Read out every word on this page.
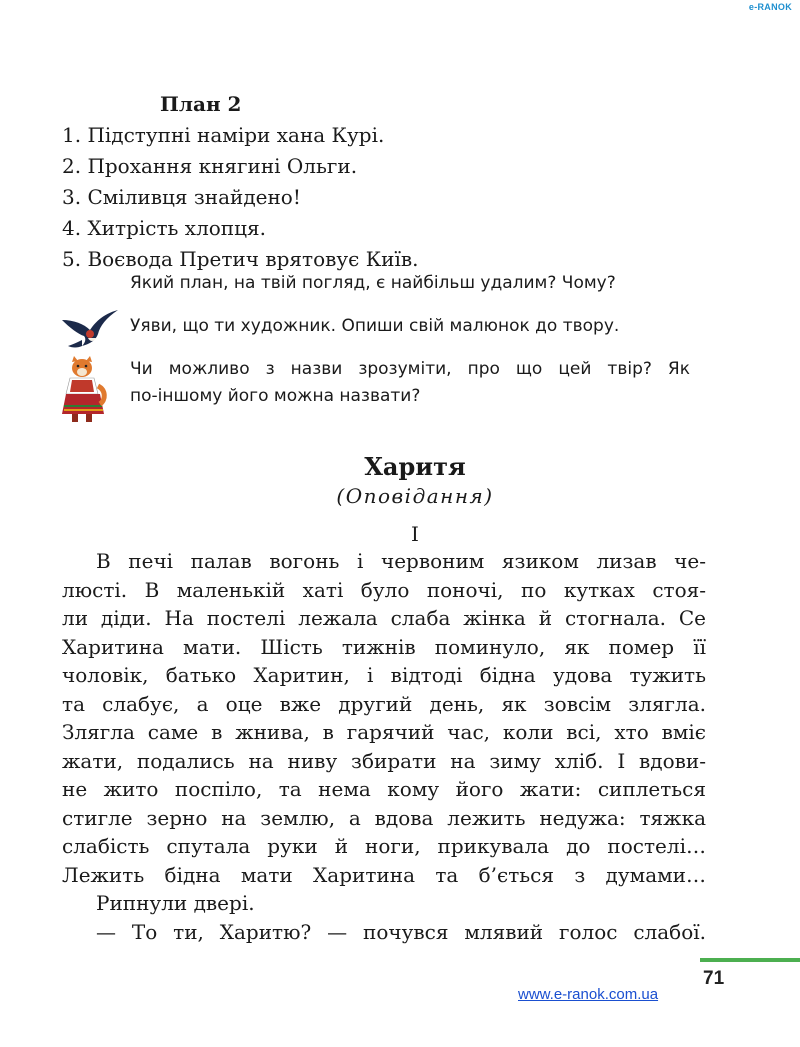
e-RANOK
План 2
1. Підступні наміри хана Курі.
2. Прохання княгині Ольги.
3. Сміливця знайдено!
4. Хитрість хлопця.
5. Воєвода Претич врятовує Київ.
Який план, на твій погляд, є найбільш удалим? Чому?
Уяви, що ти художник. Опиши свій малюнок до твору.
Чи можливо з назви зрозуміти, про що цей твір? Як
по-іншому його можна назвати?
Харитя
(Оповідання)
І
В печі палав вогонь і червоним язиком лизав че-
люсті. В маленькій хаті було поночі, по кутках стоя-
ли діди. На постелі лежала слаба жінка й стогнала. Се
Харитина мати. Шість тижнів поминуло, як помер її
чоловік, батько Харитин, і відтоді бідна удова тужить
та слабує, а оце вже другий день, як зовсім злягла.
Злягла саме в жнива, в гарячий час, коли всі, хто вміє
жати, подались на ниву збирати на зиму хліб. І вдови-
не жито поспіло, та нема кому його жати: сиплеться
стигле зерно на землю, а вдова лежить недужа: тяжка
слабість спутала руки й ноги, прикувала до постелі…
Лежить бідна мати Харитина та б’ється з думами…
Рипнули двері.
— То ти, Харитю? — почувся млявий голос слабої.
71
www.e-ranok.com.ua
